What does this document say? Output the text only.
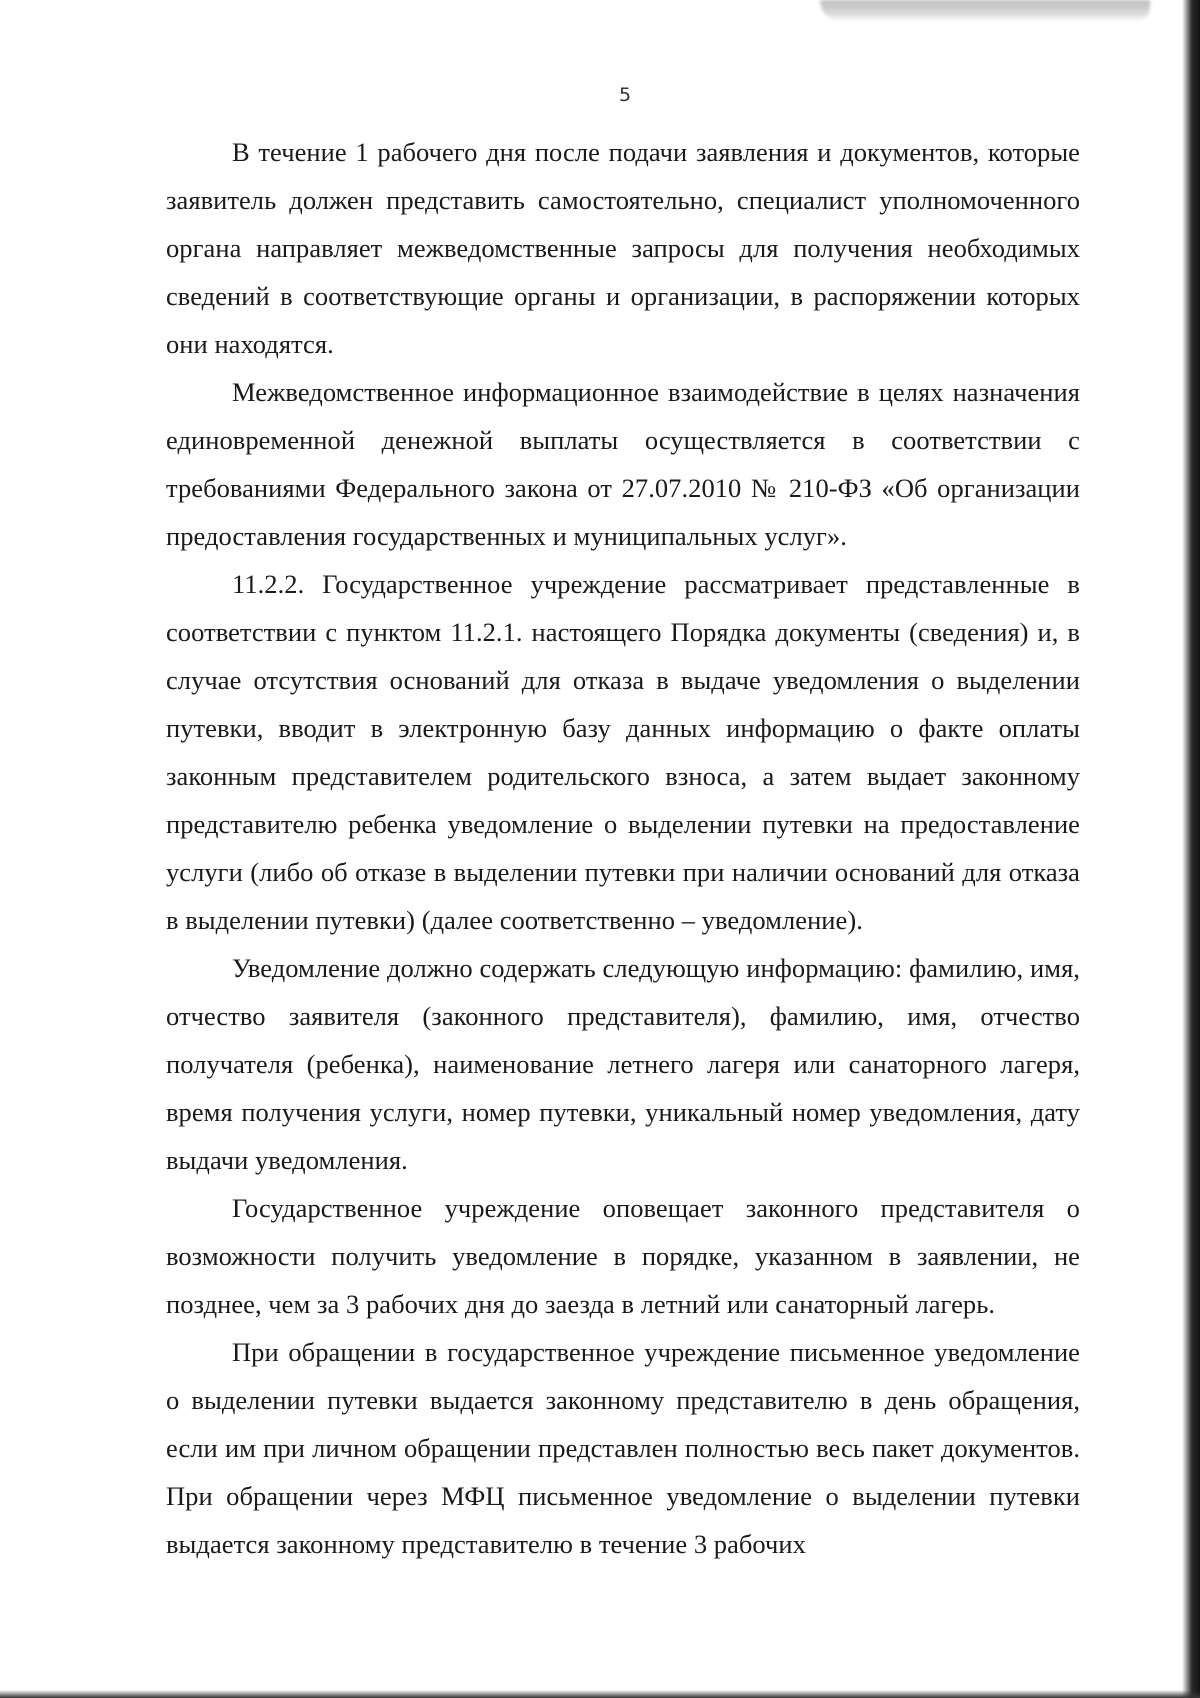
5

В течение 1 рабочего дня после подачи заявления и документов, которые заявитель должен представить самостоятельно, специалист уполномоченного органа направляет межведомственные запросы для получения необходимых сведений в соответствующие органы и организации, в распоряжении которых они находятся.

Межведомственное информационное взаимодействие в целях назначения единовременной денежной выплаты осуществляется в соответствии с требованиями Федерального закона от 27.07.2010 № 210-ФЗ «Об организации предоставления государственных и муниципальных услуг».

11.2.2. Государственное учреждение рассматривает представленные в соответствии с пунктом 11.2.1. настоящего Порядка документы (сведения) и, в случае отсутствия оснований для отказа в выдаче уведомления о выделении путевки, вводит в электронную базу данных информацию о факте оплаты законным представителем родительского взноса, а затем выдает законному представителю ребенка уведомление о выделении путевки на предоставление услуги (либо об отказе в выделении путевки при наличии оснований для отказа в выделении путевки) (далее соответственно – уведомление).

Уведомление должно содержать следующую информацию: фамилию, имя, отчество заявителя (законного представителя), фамилию, имя, отчество получателя (ребенка), наименование летнего лагеря или санаторного лагеря, время получения услуги, номер путевки, уникальный номер уведомления, дату выдачи уведомления.

Государственное учреждение оповещает законного представителя о возможности получить уведомление в порядке, указанном в заявлении, не позднее, чем за 3 рабочих дня до заезда в летний или санаторный лагерь.

При обращении в государственное учреждение письменное уведомление о выделении путевки выдается законному представителю в день обращения, если им при личном обращении представлен полностью весь пакет документов. При обращении через МФЦ письменное уведомление о выделении путевки выдается законному представителю в течение 3 рабочих
